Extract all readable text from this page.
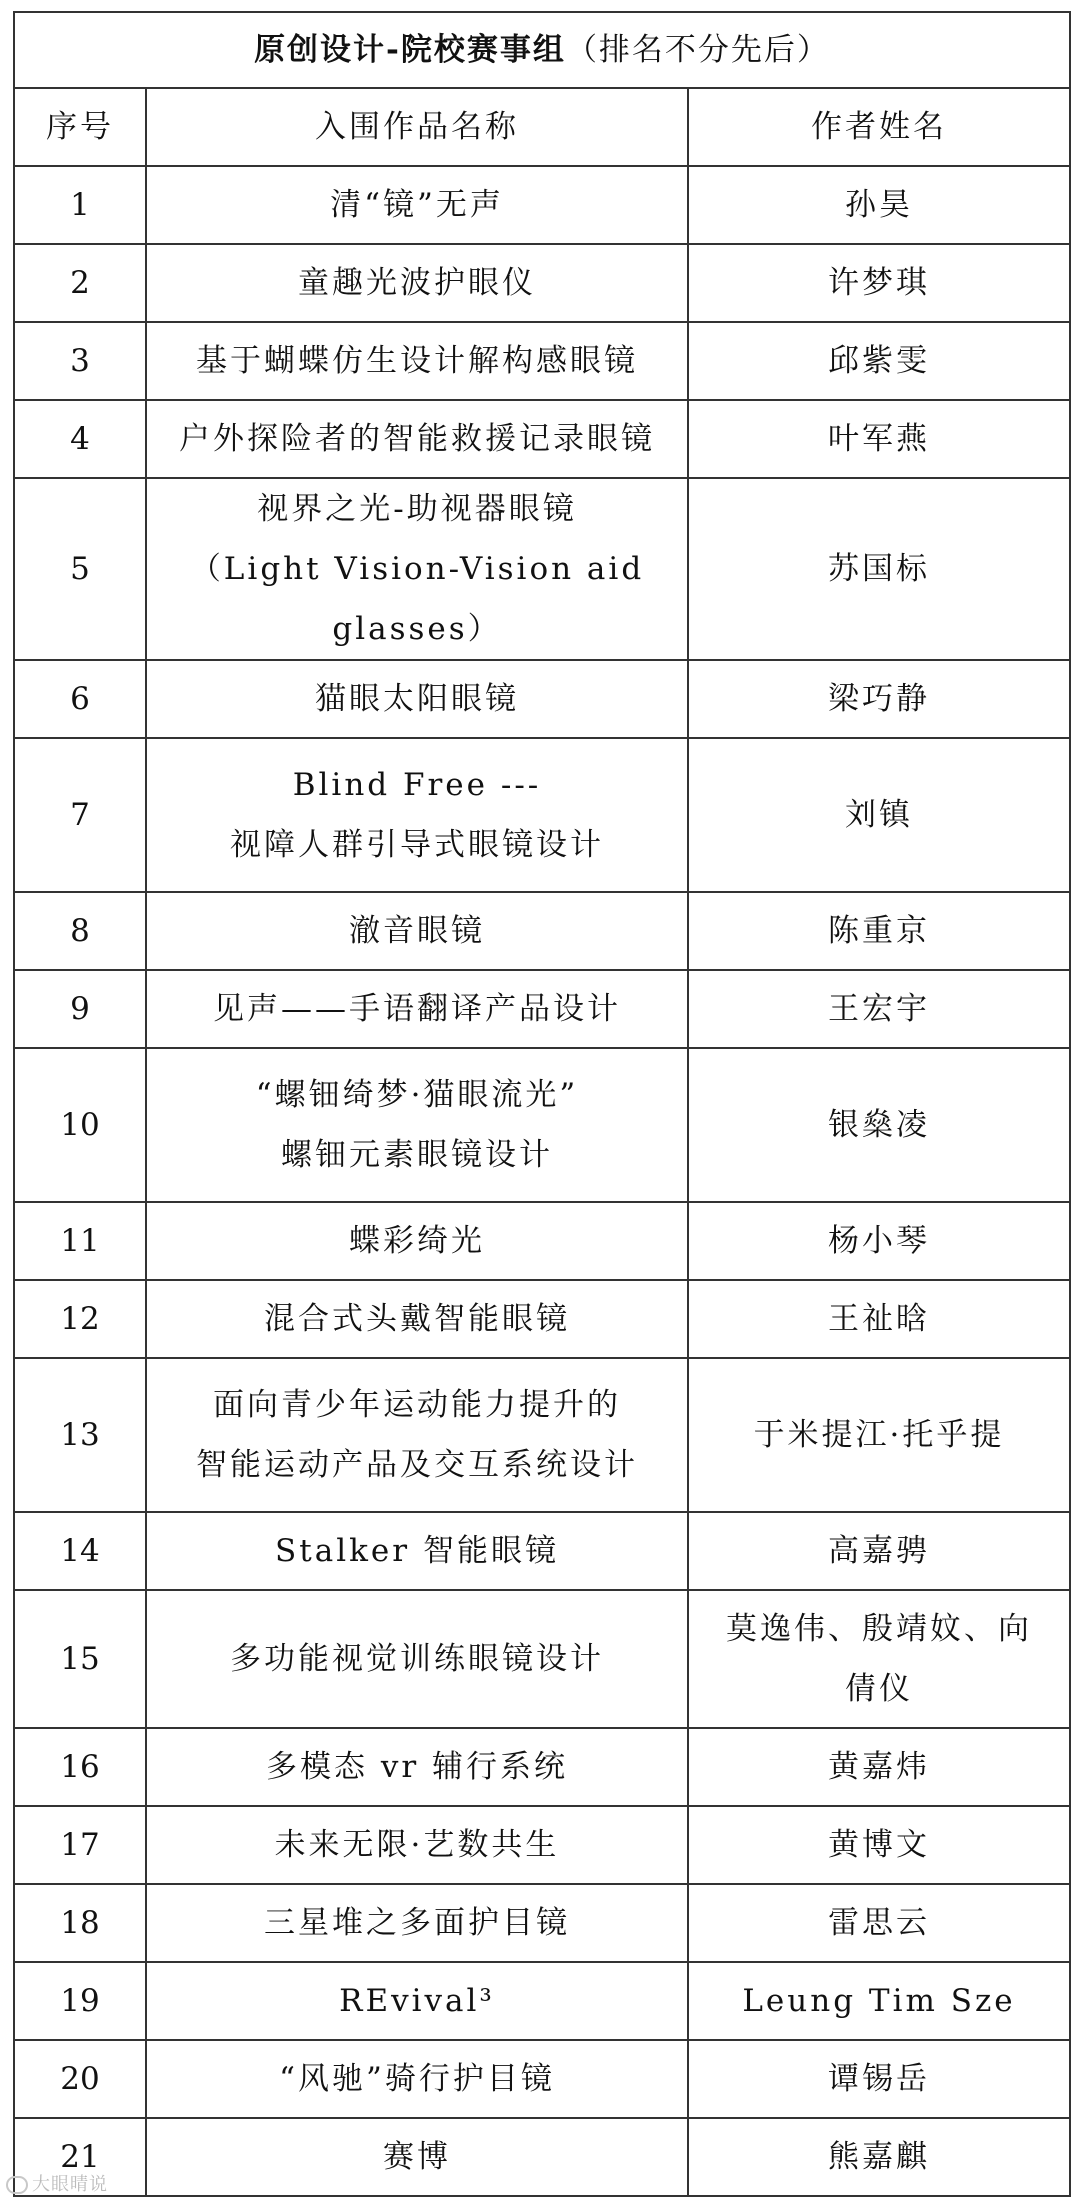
原创设计-院校赛事组（排名不分先后）		
序号	入围作品名称	作者姓名
1	清“镜”无声	孙昊

2	童趣光波护眼仪	许梦琪

3	基于蝴蝶仿生设计解构感眼镜	邱紫雯

4	户外探险者的智能救援记录眼镜	叶军燕

5	视界之光-助视器眼镜
（Light Vision-Vision aid glasses）	苏国标

6	猫眼太阳眼镜	梁巧静

7	Blind Free ---
视障人群引导式眼镜设计	刘镇

8	澈音眼镜	陈重京

9	见声——手语翻译产品设计	王宏宇

10	“螺钿绮梦·猫眼流光”
螺钿元素眼镜设计	银燊凌

11	蝶彩绮光	杨小琴

12	混合式头戴智能眼镜	王祉晗

13	面向青少年运动能力提升的
智能运动产品及交互系统设计	于米提江·托乎提

14	Stalker 智能眼镜	高嘉骋

15	多功能视觉训练眼镜设计	莫逸伟、殷靖妏、向
倩仪

16	多模态 vr 辅行系统	黄嘉炜

17	未来无限·艺数共生	黄博文

18	三星堆之多面护目镜	雷思云

19	REvival³	Leung Tim Sze

20	“风驰”骑行护目镜	谭锡岳

21	赛博	熊嘉麒
大眼晴说
